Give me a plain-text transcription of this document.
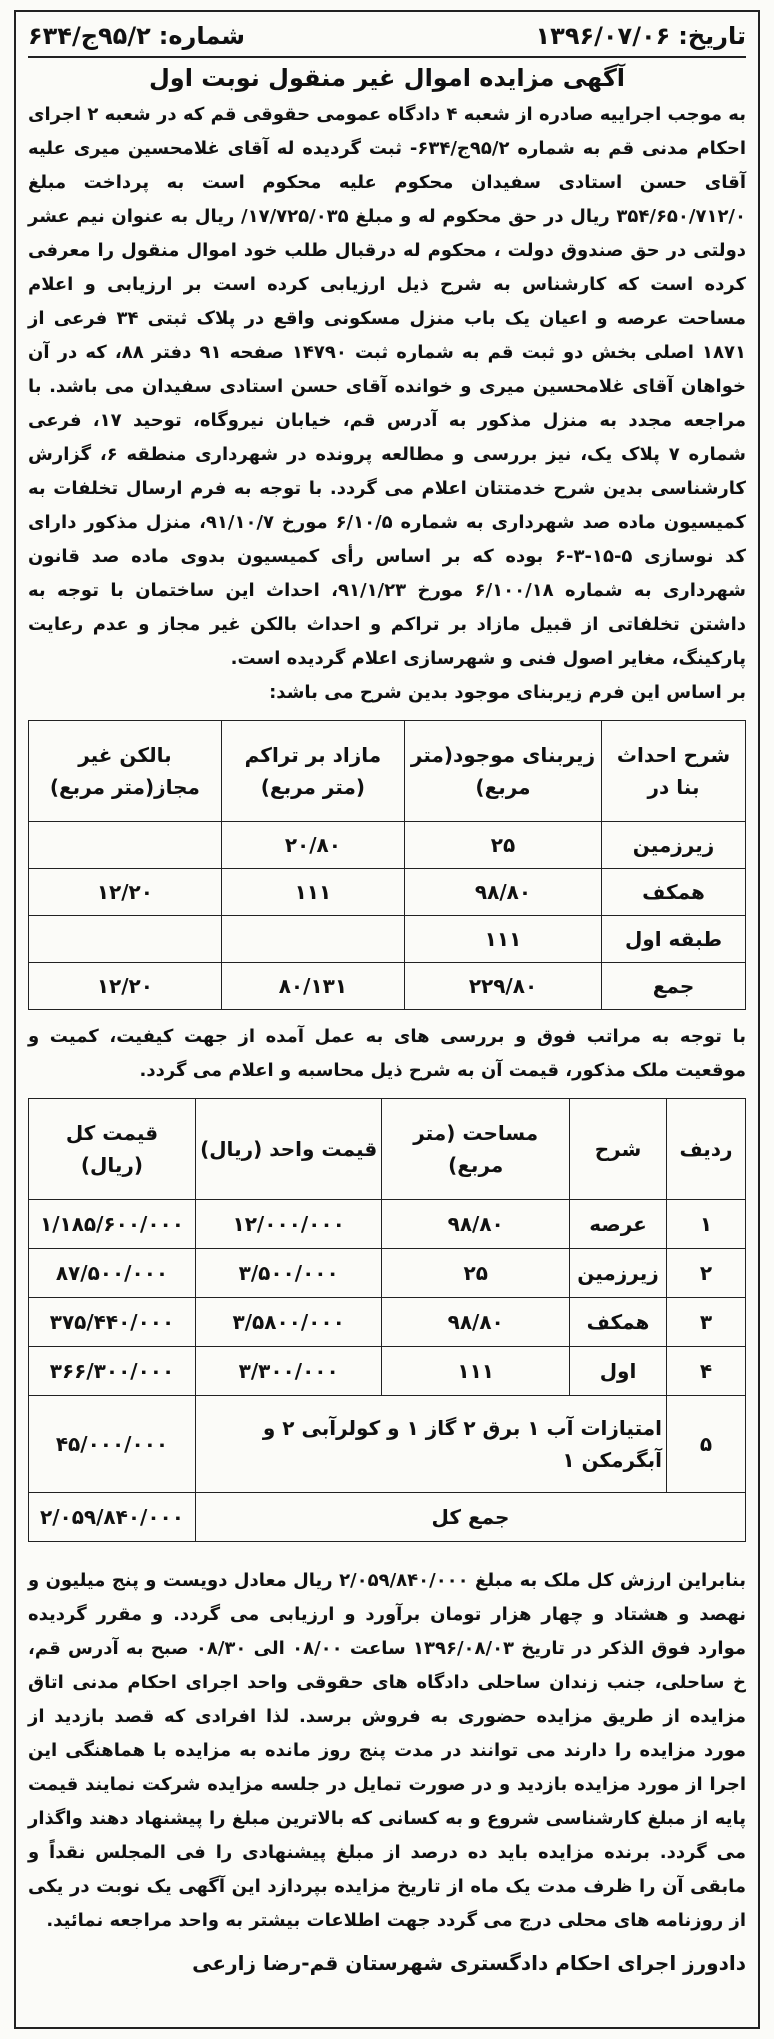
تاریخ:
۱۳۹۶/۰۷/۰۶
شماره:
۹۵/۲ج/۶۳۴
آگهی مزایده اموال غیر منقول نوبت اول

به موجب اجراییه صادره از شعبه ۴ دادگاه عمومی حقوقی قم که در شعبه ۲ اجرای احکام مدنی قم به شماره ۹۵/۲ج/۶۳۴- ثبت گردیده له آقای غلامحسین میری علیه آقای حسن استادی سفیدان محکوم علیه محکوم است به پرداخت مبلغ ۳۵۴/۶۵۰/۷۱۲/۰ ریال در حق محکوم له و مبلغ ۱۷/۷۲۵/۰۳۵/ ریال به عنوان نیم عشر دولتی در حق صندوق دولت ، محکوم له درقبال طلب خود اموال منقول را معرفی کرده است که کارشناس به شرح ذیل ارزیابی کرده است بر ارزیابی و اعلام مساحت عرصه و اعیان یک باب منزل مسکونی واقع در پلاک ثبتی ۳۴ فرعی از ۱۸۷۱ اصلی بخش دو ثبت قم به شماره ثبت ۱۴۷۹۰ صفحه ۹۱ دفتر ۸۸، که در آن خواهان آقای غلامحسین میری و خوانده آقای حسن استادی سفیدان می باشد. با مراجعه مجدد به منزل مذکور به آدرس قم، خیابان نیروگاه، توحید ۱۷، فرعی شماره ۷ پلاک یک، نیز بررسی و مطالعه پرونده در شهرداری منطقه ۶، گزارش کارشناسی بدین شرح خدمتتان اعلام می گردد. با توجه به فرم ارسال تخلفات به کمیسیون ماده صد شهرداری به شماره ۶/۱۰/۵ مورخ ۹۱/۱۰/۷، منزل مذکور دارای کد نوسازی ۵-۱۵-۳-۶ بوده که بر اساس رأی کمیسیون بدوی ماده صد قانون شهرداری به شماره ۶/۱۰۰/۱۸ مورخ ۹۱/۱/۲۳، احداث این ساختمان با توجه به داشتن تخلفاتی از قبیل مازاد بر تراکم و احداث بالکن غیر مجاز و عدم رعایت پارکینگ، مغایر اصول فنی و شهرسازی اعلام گردیده است.

بر اساس این فرم زیربنای موجود بدین شرح می باشد:

شرح احداث بنا در	زیربنای موجود(متر مربع)	مازاد بر تراکم (متر مربع)	بالکن غیر مجاز(متر مربع)
زیرزمین	۲۵	۲۰/۸۰	
همکف	۹۸/۸۰	۱۱۱	۱۲/۲۰
طبقه اول	۱۱۱		
جمع	۲۲۹/۸۰	۸۰/۱۳۱	۱۲/۲۰

با توجه به مراتب فوق و بررسی های به عمل آمده از جهت کیفیت، کمیت و موقعیت ملک مذکور، قیمت آن به شرح ذیل محاسبه و اعلام می گردد.

ردیف	شرح	مساحت (متر مربع)	قیمت واحد (ریال)	قیمت کل (ریال)
۱	عرصه	۹۸/۸۰	۱۲/۰۰۰/۰۰۰	۱/۱۸۵/۶۰۰/۰۰۰
۲	زیرزمین	۲۵	۳/۵۰۰/۰۰۰	۸۷/۵۰۰/۰۰۰
۳	همکف	۹۸/۸۰	۳/۵۸۰۰/۰۰۰	۳۷۵/۴۴۰/۰۰۰
۴	اول	۱۱۱	۳/۳۰۰/۰۰۰	۳۶۶/۳۰۰/۰۰۰
۵	امتیازات آب ۱ برق ۲ گاز ۱ و کولرآبی ۲ و آبگرمکن ۱			۴۵/۰۰۰/۰۰۰
جمع کل				۲/۰۵۹/۸۴۰/۰۰۰

بنابراین ارزش کل ملک به مبلغ ۲/۰۵۹/۸۴۰/۰۰۰ ریال معادل دویست و پنج میلیون و نهصد و هشتاد و چهار هزار تومان برآورد و ارزیابی می گردد. و مقرر گردیده موارد فوق الذکر در تاریخ ۱۳۹۶/۰۸/۰۳ ساعت ۰۸/۰۰ الی ۰۸/۳۰ صبح به آدرس قم، خ ساحلی، جنب زندان ساحلی دادگاه های حقوقی واحد اجرای احکام مدنی اتاق مزایده از طریق مزایده حضوری به فروش برسد. لذا افرادی که قصد بازدید از مورد مزایده را دارند می توانند در مدت پنج روز مانده به مزایده با هماهنگی این اجرا از مورد مزایده بازدید و در صورت تمایل در جلسه مزایده شرکت نمایند قیمت پایه از مبلغ کارشناسی شروع و به کسانی که بالاترین مبلغ را پیشنهاد دهند واگذار می گردد. برنده مزایده باید ده درصد از مبلغ پیشنهادی را فی المجلس نقداً و مابقی آن را ظرف مدت یک ماه از تاریخ مزایده بپردازد این آگهی یک نوبت در یکی از روزنامه های محلی درج می گردد جهت اطلاعات بیشتر به واحد مراجعه نمائید.

دادورز اجرای احکام دادگستری شهرستان قم-رضا زارعی
